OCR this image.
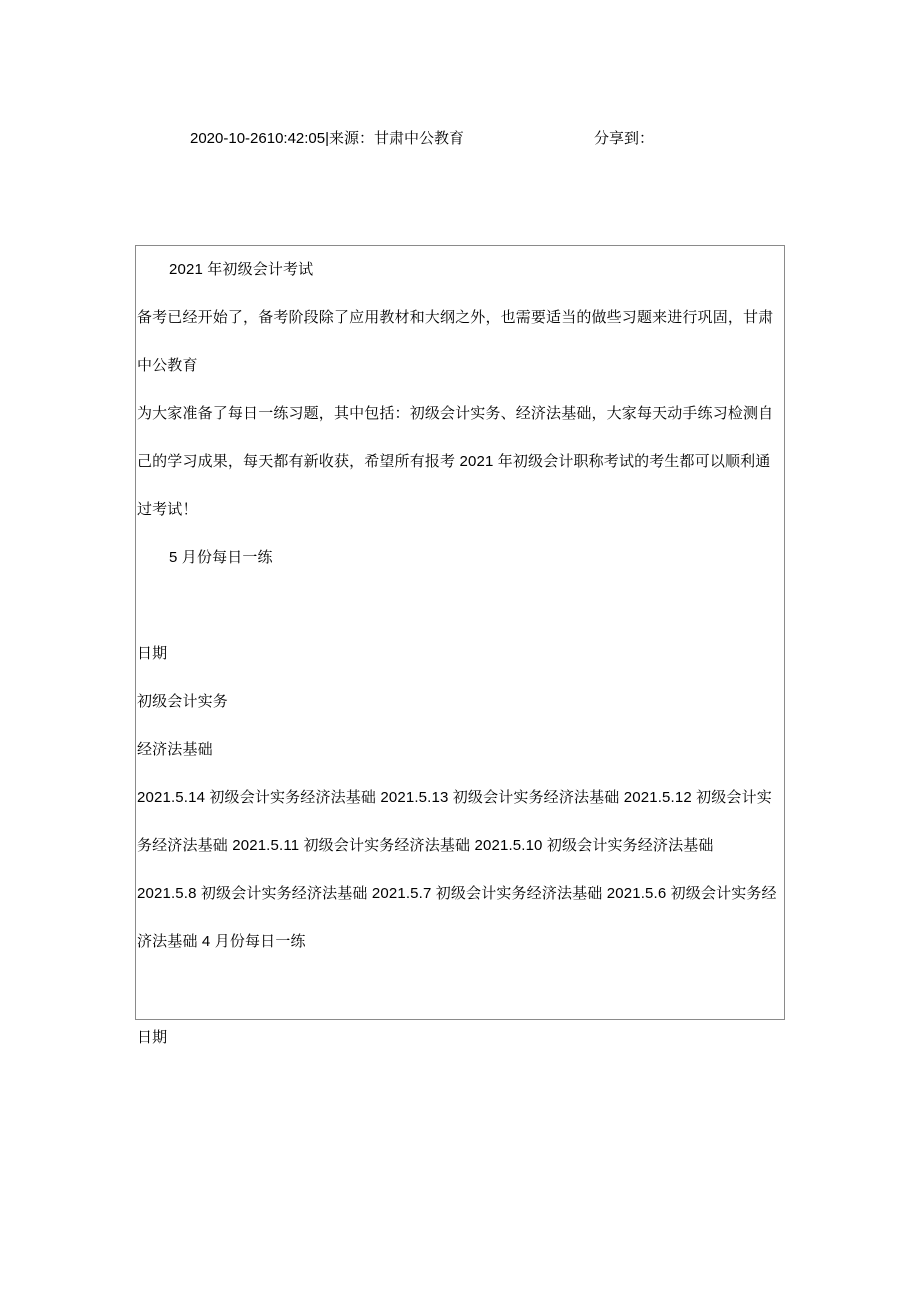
2020-10-2610:42:05|来源：甘肃中公教育	分享到：
2021 年初级会计考试
备考已经开始了，备考阶段除了应用教材和大纲之外，也需要适当的做些习题来进行巩固，甘肃中公教育
为大家准备了每日一练习题，其中包括：初级会计实务、经济法基础，大家每天动手练习检测自己的学习成果，每天都有新收获，希望所有报考 2021 年初级会计职称考试的考生都可以顺利通过考试！
5 月份每日一练
日期
初级会计实务
经济法基础
2021.5.14 初级会计实务经济法基础 2021.5.13 初级会计实务经济法基础 2021.5.12 初级会计实务经济法基础 2021.5.11 初级会计实务经济法基础 2021.5.10 初级会计实务经济法基础
2021.5.8 初级会计实务经济法基础 2021.5.7 初级会计实务经济法基础 2021.5.6 初级会计实务经济法基础 4 月份每日一练
日期
